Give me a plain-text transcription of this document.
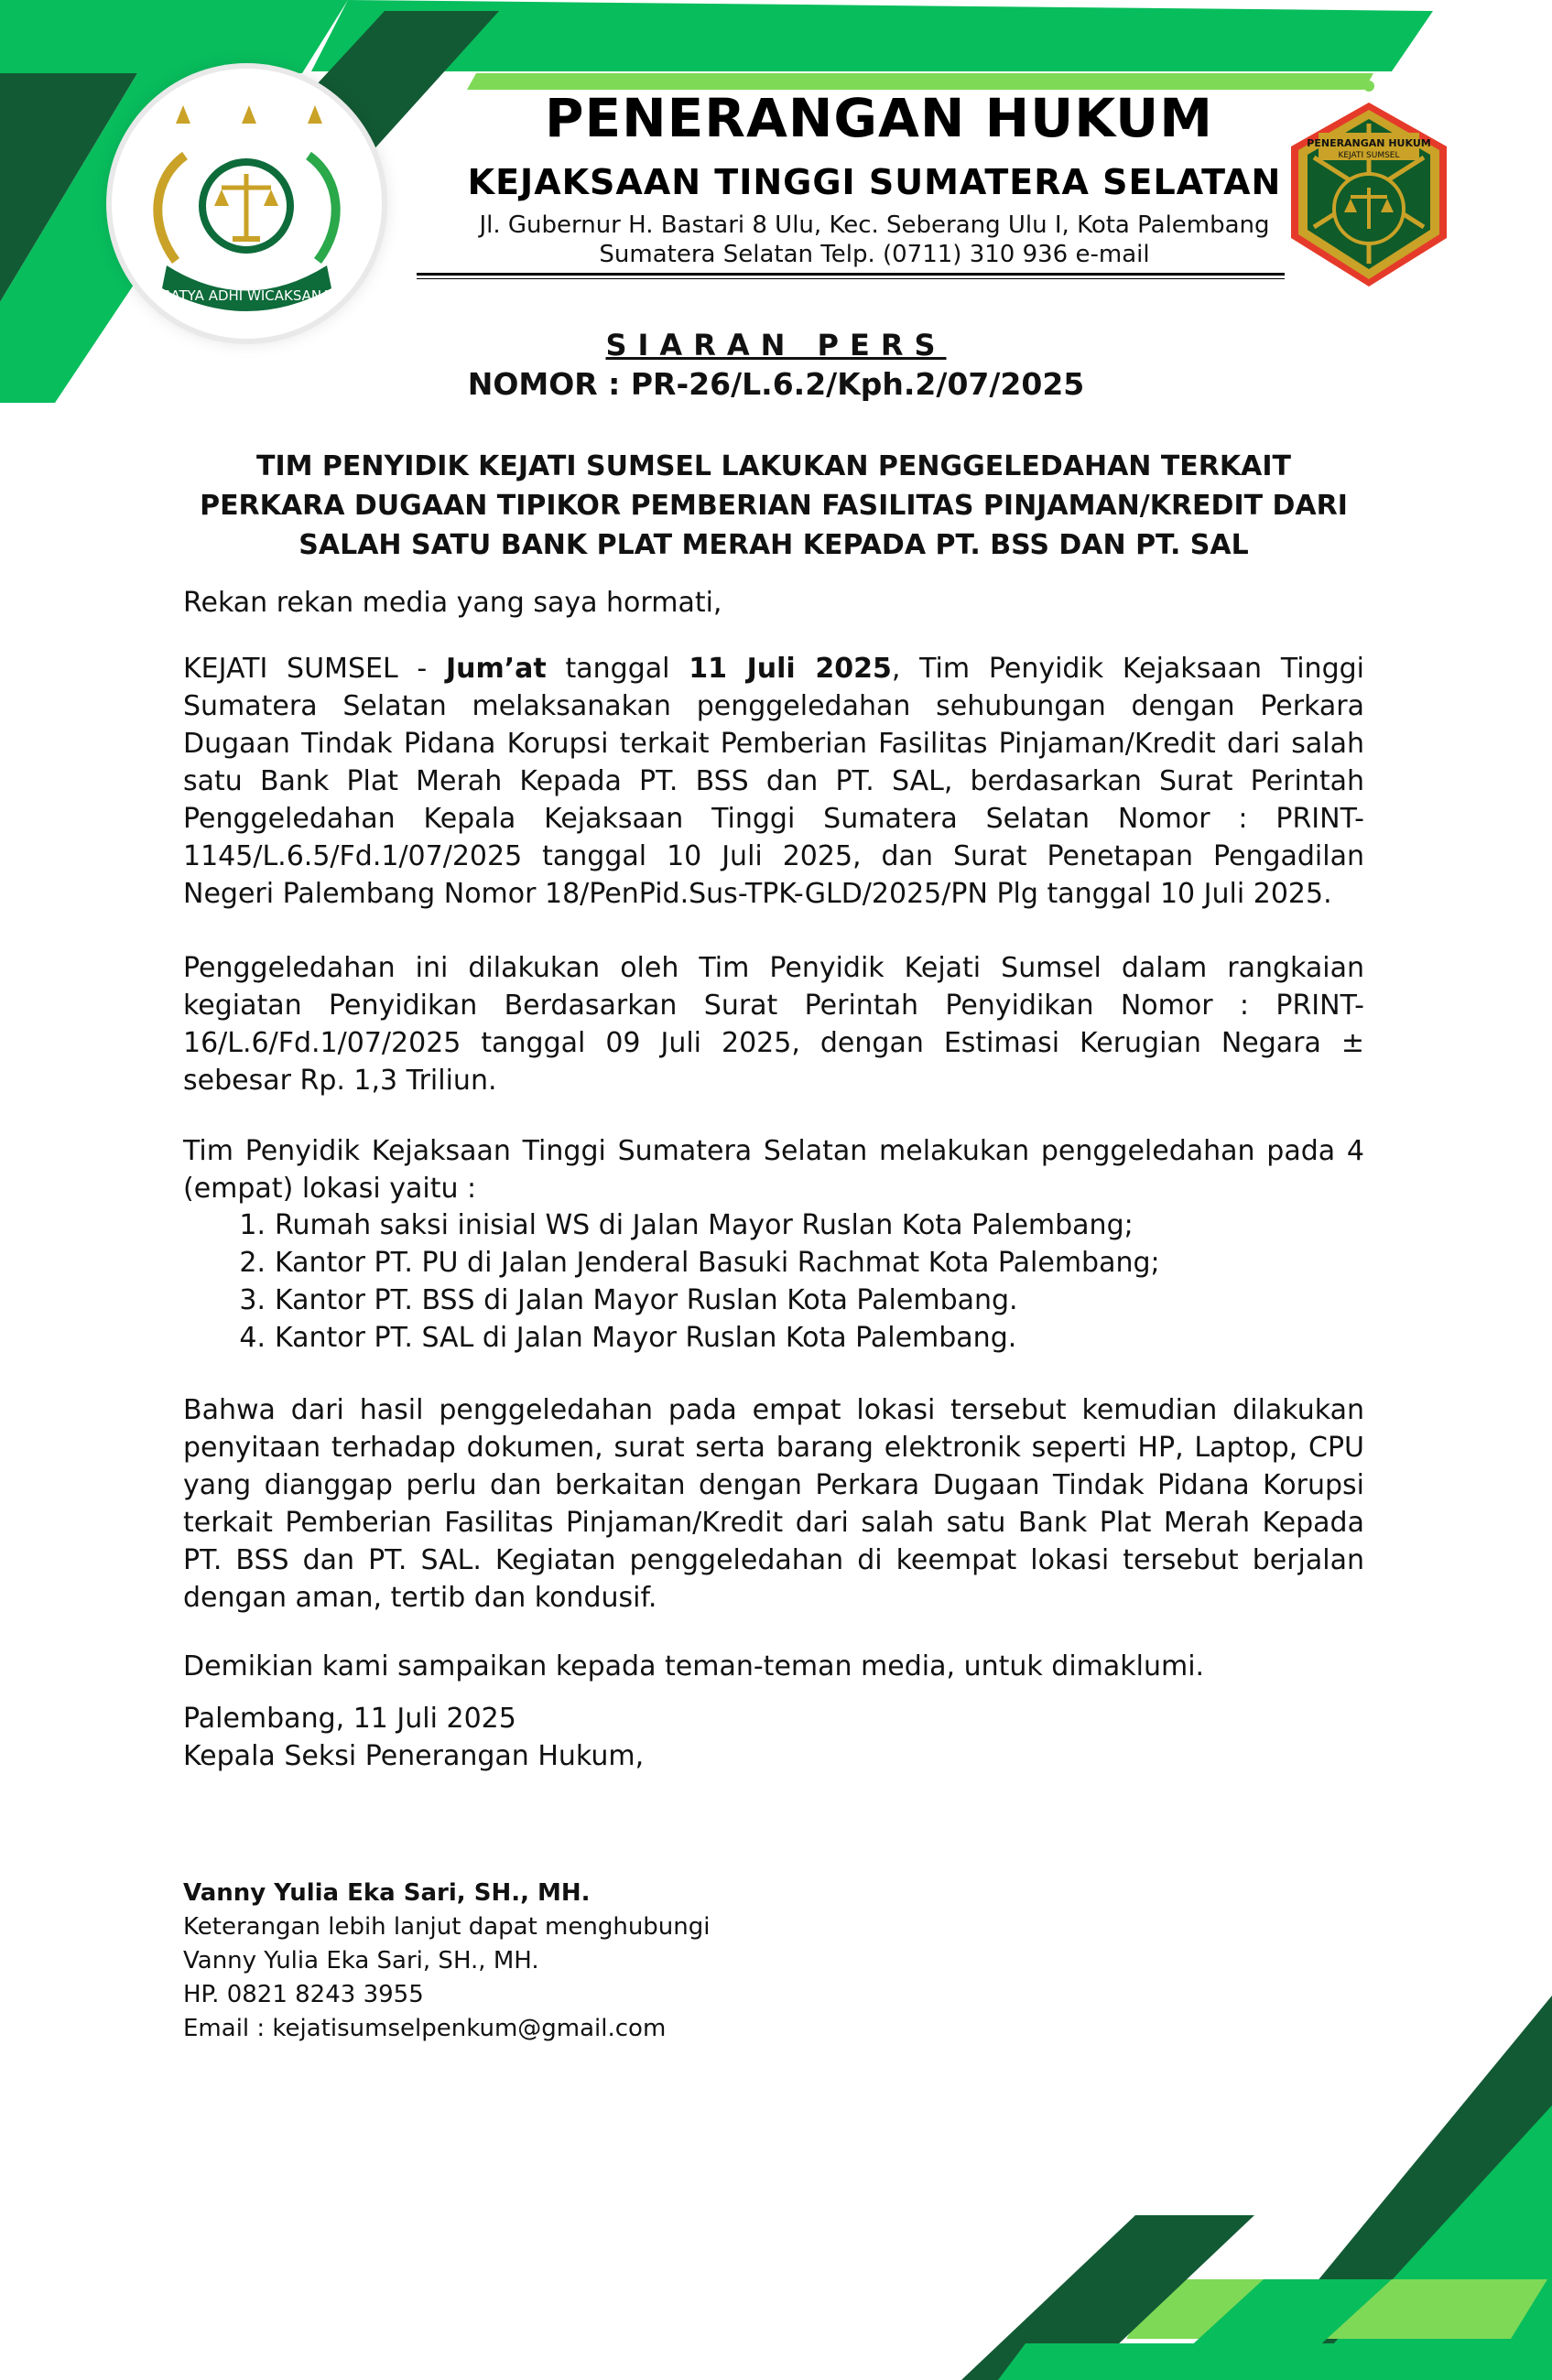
SATYA ADHI WICAKSANA
PENERANGAN HUKUM
KEJATI SUMSEL
PENERANGAN HUKUM
KEJAKSAAN TINGGI SUMATERA SELATAN
Jl. Gubernur H. Bastari 8 Ulu, Kec. Seberang Ulu I, Kota Palembang
Sumatera Selatan Telp. (0711) 310 936 e-mail
SIARAN PERS
NOMOR : PR-26/L.6.2/Kph.2/07/2025
TIM PENYIDIK KEJATI SUMSEL LAKUKAN PENGGELEDAHAN TERKAIT
PERKARA DUGAAN TIPIKOR PEMBERIAN FASILITAS PINJAMAN/KREDIT DARI
SALAH SATU BANK PLAT MERAH KEPADA PT. BSS DAN PT. SAL
Rekan rekan media yang saya hormati,
KEJATI SUMSEL - Jum’at tanggal 11 Juli 2025, Tim Penyidik Kejaksaan Tinggi Sumatera Selatan melaksanakan penggeledahan sehubungan dengan Perkara Dugaan Tindak Pidana Korupsi terkait Pemberian Fasilitas Pinjaman/Kredit dari salah satu Bank Plat Merah Kepada PT. BSS dan PT. SAL, berdasarkan Surat Perintah Penggeledahan Kepala Kejaksaan Tinggi Sumatera Selatan Nomor : PRINT-1145/L.6.5/Fd.1/07/2025 tanggal 10 Juli 2025, dan Surat Penetapan Pengadilan Negeri Palembang Nomor 18/PenPid.Sus-TPK-GLD/2025/PN Plg tanggal 10 Juli 2025.
Penggeledahan ini dilakukan oleh Tim Penyidik Kejati Sumsel dalam rangkaian kegiatan Penyidikan Berdasarkan Surat Perintah Penyidikan Nomor : PRINT-16/L.6/Fd.1/07/2025 tanggal 09 Juli 2025, dengan Estimasi Kerugian Negara ± sebesar Rp. 1,3 Triliun.
Tim Penyidik Kejaksaan Tinggi Sumatera Selatan melakukan penggeledahan pada 4 (empat) lokasi yaitu :
1. Rumah saksi inisial WS di Jalan Mayor Ruslan Kota Palembang;
2. Kantor PT. PU di Jalan Jenderal Basuki Rachmat Kota Palembang;
3. Kantor PT. BSS di Jalan Mayor Ruslan Kota Palembang.
4. Kantor PT. SAL di Jalan Mayor Ruslan Kota Palembang.
Bahwa dari hasil penggeledahan pada empat lokasi tersebut kemudian dilakukan penyitaan terhadap dokumen, surat serta barang elektronik seperti HP, Laptop, CPU yang dianggap perlu dan berkaitan dengan Perkara Dugaan Tindak Pidana Korupsi terkait Pemberian Fasilitas Pinjaman/Kredit dari salah satu Bank Plat Merah Kepada PT. BSS dan PT. SAL. Kegiatan penggeledahan di keempat lokasi tersebut berjalan dengan aman, tertib dan kondusif.
Demikian kami sampaikan kepada teman-teman media, untuk dimaklumi.
Palembang, 11 Juli 2025
Kepala Seksi Penerangan Hukum,
Vanny Yulia Eka Sari, SH., MH.
Keterangan lebih lanjut dapat menghubungi
Vanny Yulia Eka Sari, SH., MH.
HP. 0821 8243 3955
Email : kejatisumselpenkum@gmail.com
